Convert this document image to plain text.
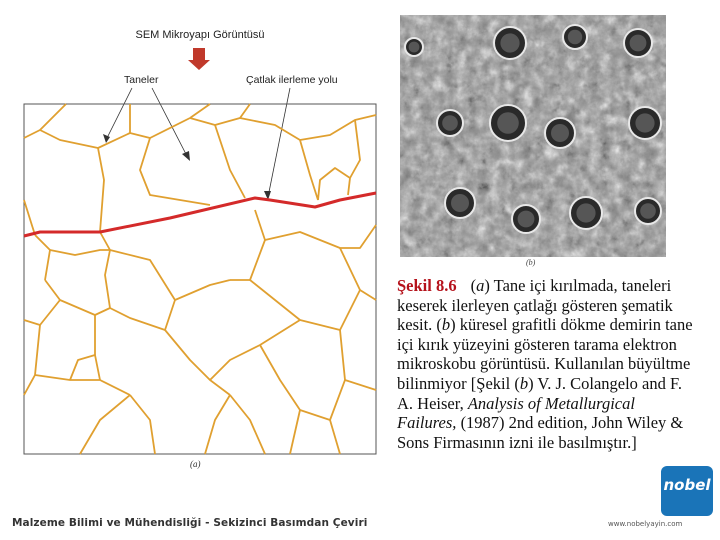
SEM Mikroyapı Görüntüsü
Taneler	Çatlak ilerleme yolu
(a)
(b)
Şekil 8.6 (a) Tane içi kırılmada, taneleri keserek ilerleyen çatlağı gösteren şematik kesit. (b) küresel grafitli dökme demirin tane içi kırık yüzeyini gösteren tarama elektron mikroskobu görüntüsü. Kullanılan büyültme bilinmiyor [Şekil (b) V. J. Colangelo and F. A. Heiser, Analysis of Metallurgical Failures, (1987) 2nd edition, John Wiley & Sons Firmasının izni ile basılmıştır.]
Malzeme Bilimi ve Mühendisliği - Sekizinci Basımdan Çeviri
nobel
www.nobelyayin.com
